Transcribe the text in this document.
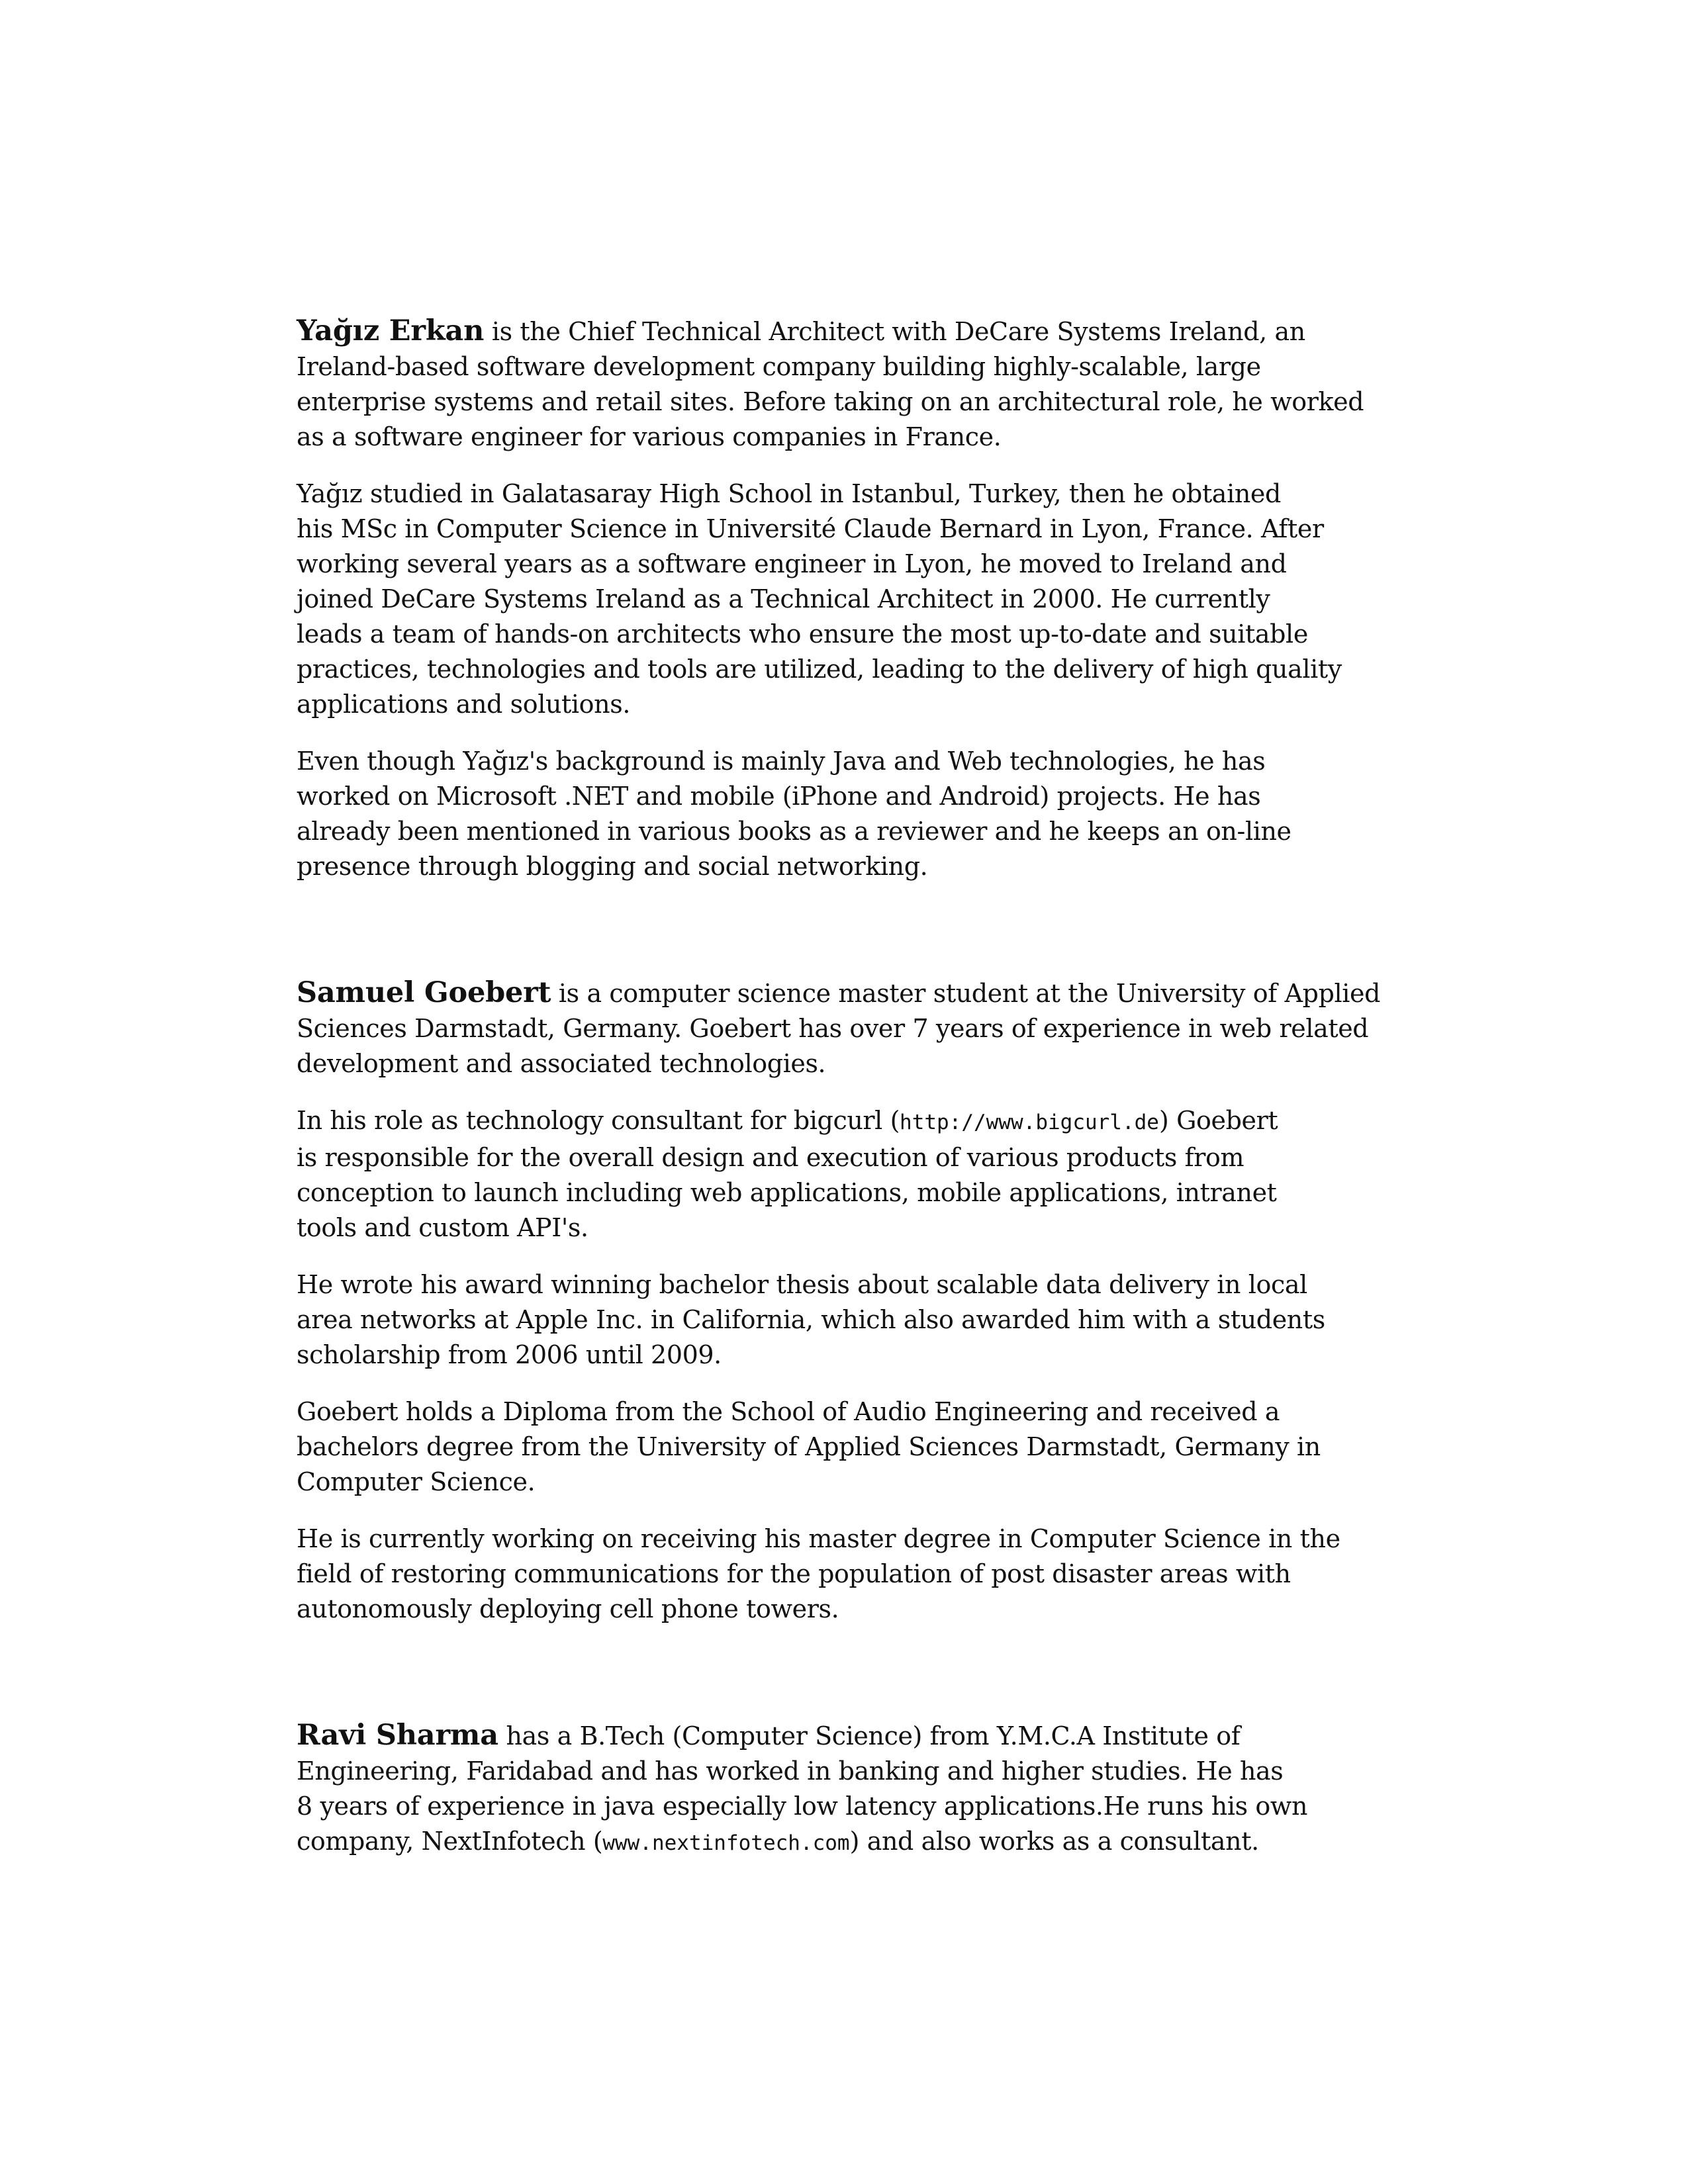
Yağız Erkan is the Chief Technical Architect with DeCare Systems Ireland, an
Ireland-based software development company building highly-scalable, large
enterprise systems and retail sites. Before taking on an architectural role, he worked
as a software engineer for various companies in France.

Yağız studied in Galatasaray High School in Istanbul, Turkey, then he obtained
his MSc in Computer Science in Université Claude Bernard in Lyon, France. After
working several years as a software engineer in Lyon, he moved to Ireland and
joined DeCare Systems Ireland as a Technical Architect in 2000. He currently
leads a team of hands-on architects who ensure the most up-to-date and suitable
practices, technologies and tools are utilized, leading to the delivery of high quality
applications and solutions.

Even though Yağız's background is mainly Java and Web technologies, he has
worked on Microsoft .NET and mobile (iPhone and Android) projects. He has
already been mentioned in various books as a reviewer and he keeps an on-line
presence through blogging and social networking.

Samuel Goebert is a computer science master student at the University of Applied
Sciences Darmstadt, Germany. Goebert has over 7 years of experience in web related
development and associated technologies.

In his role as technology consultant for bigcurl (http://www.bigcurl.de) Goebert
is responsible for the overall design and execution of various products from
conception to launch including web applications, mobile applications, intranet
tools and custom API's.

He wrote his award winning bachelor thesis about scalable data delivery in local
area networks at Apple Inc. in California, which also awarded him with a students
scholarship from 2006 until 2009.

Goebert holds a Diploma from the School of Audio Engineering and received a
bachelors degree from the University of Applied Sciences Darmstadt, Germany in
Computer Science.

He is currently working on receiving his master degree in Computer Science in the
field of restoring communications for the population of post disaster areas with
autonomously deploying cell phone towers.

Ravi Sharma has a B.Tech (Computer Science) from Y.M.C.A Institute of
Engineering, Faridabad and has worked in banking and higher studies. He has
8 years of experience in java especially low latency applications.He runs his own
company, NextInfotech (www.nextinfotech.com) and also works as a consultant.
